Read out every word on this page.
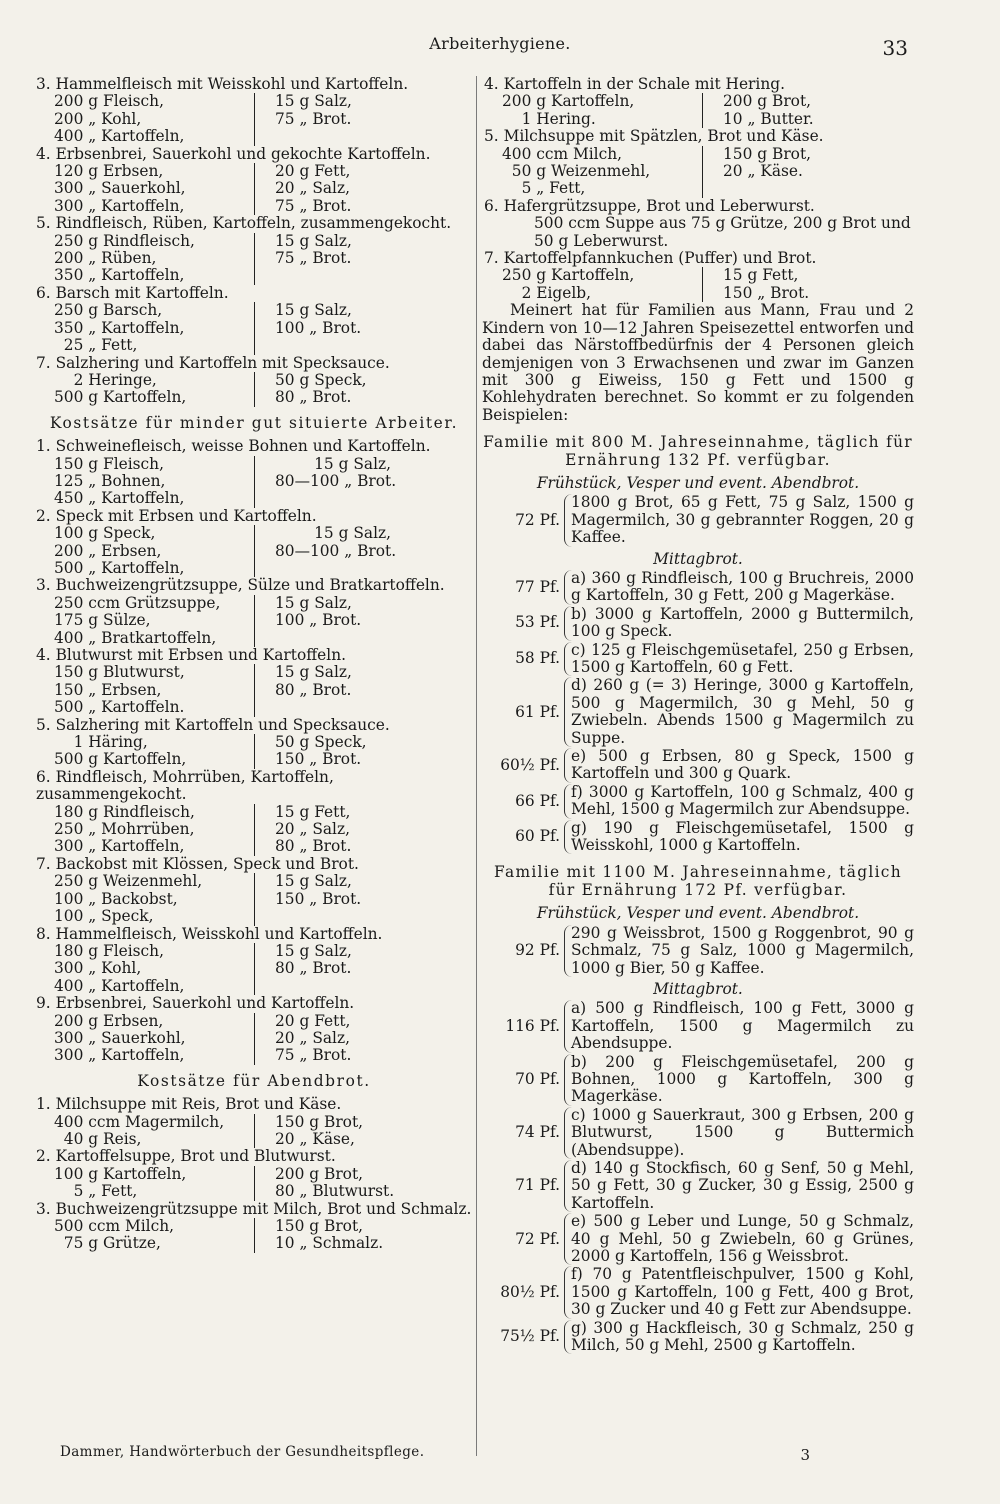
Arbeiterhygiene.	33
3. Hammelfleisch mit Weisskohl und Kartoffeln.
200 g Fleisch,
200 „ Kohl,
400 „ Kartoffeln,
15 g Salz,
75 „ Brot.
4. Erbsenbrei, Sauerkohl und gekochte Kartoffeln.
120 g Erbsen,
300 „ Sauerkohl,
300 „ Kartoffeln,
20 g Fett,
20 „ Salz,
75 „ Brot.
5. Rindfleisch, Rüben, Kartoffeln, zusammengekocht.
250 g Rindfleisch,
200 „ Rüben,
350 „ Kartoffeln,
15 g Salz,
75 „ Brot.
6. Barsch mit Kartoffeln.
250 g Barsch,
350 „ Kartoffeln,
25 „ Fett,
15 g Salz,
100 „ Brot.
7. Salzhering und Kartoffeln mit Specksauce.
2 Heringe,
500 g Kartoffeln,
50 g Speck,
80 „ Brot.
Kostsätze für minder gut situierte Arbeiter.
1. Schweinefleisch, weisse Bohnen und Kartoffeln.
150 g Fleisch,
125 „ Bohnen,
450 „ Kartoffeln,
15 g Salz,
80—100 „ Brot.
2. Speck mit Erbsen und Kartoffeln.
100 g Speck,
200 „ Erbsen,
500 „ Kartoffeln,
15 g Salz,
80—100 „ Brot.
3. Buchweizengrützsuppe, Sülze und Bratkartoffeln.
250 ccm Grützsuppe,
175 g Sülze,
400 „ Bratkartoffeln,
15 g Salz,
100 „ Brot.
4. Blutwurst mit Erbsen und Kartoffeln.
150 g Blutwurst,
150 „ Erbsen,
500 „ Kartoffeln.
15 g Salz,
80 „ Brot.
5. Salzhering mit Kartoffeln und Specksauce.
1 Häring,
500 g Kartoffeln,
50 g Speck,
150 „ Brot.
6. Rindfleisch, Mohrrüben, Kartoffeln, zusammengekocht.
180 g Rindfleisch,
250 „ Mohrrüben,
300 „ Kartoffeln,
15 g Fett,
20 „ Salz,
80 „ Brot.
7. Backobst mit Klössen, Speck und Brot.
250 g Weizenmehl,
100 „ Backobst,
100 „ Speck,
15 g Salz,
150 „ Brot.
8. Hammelfleisch, Weisskohl und Kartoffeln.
180 g Fleisch,
300 „ Kohl,
400 „ Kartoffeln,
15 g Salz,
80 „ Brot.
9. Erbsenbrei, Sauerkohl und Kartoffeln.
200 g Erbsen,
300 „ Sauerkohl,
300 „ Kartoffeln,
20 g Fett,
20 „ Salz,
75 „ Brot.
Kostsätze für Abendbrot.
1. Milchsuppe mit Reis, Brot und Käse.
400 ccm Magermilch,
40 g Reis,
150 g Brot,
20 „ Käse,
2. Kartoffelsuppe, Brot und Blutwurst.
100 g Kartoffeln,
5 „ Fett,
200 g Brot,
80 „ Blutwurst.
3. Buchweizengrützsuppe mit Milch, Brot und Schmalz.
500 ccm Milch,
75 g Grütze,
150 g Brot,
10 „ Schmalz.
4. Kartoffeln in der Schale mit Hering.
200 g Kartoffeln,
1 Hering.
200 g Brot,
10 „ Butter.
5. Milchsuppe mit Spätzlen, Brot und Käse.
400 ccm Milch,
50 g Weizenmehl,
5 „ Fett,
150 g Brot,
20 „ Käse.
6. Hafergrützsuppe, Brot und Leberwurst.
500 ccm Suppe aus 75 g Grütze, 200 g Brot und 50 g Leberwurst.
7. Kartoffelpfannkuchen (Puffer) und Brot.
250 g Kartoffeln,
2 Eigelb,
15 g Fett,
150 „ Brot.

Meinert hat für Familien aus Mann, Frau und 2 Kindern von 10—12 Jahren Speisezettel entworfen und dabei das Närstoffbedürfnis der 4 Personen gleich demjenigen von 3 Erwachsenen und zwar im Ganzen mit 300 g Eiweiss, 150 g Fett und 1500 g Kohlehydraten berechnet. So kommt er zu folgenden Beispielen:

Familie mit 800 M. Jahreseinnahme, täglich für Ernährung 132 Pf. verfügbar.
Frühstück, Vesper und event. Abendbrot.
72 Pf.
1800 g Brot, 65 g Fett, 75 g Salz, 1500 g Magermilch, 30 g gebrannter Roggen, 20 g Kaffee.
Mittagbrot.
77 Pf. a) 360 g Rindfleisch, 100 g Bruchreis, 2000 g Kartoffeln, 30 g Fett, 200 g Magerkäse.
53 Pf. b) 3000 g Kartoffeln, 2000 g Buttermilch, 100 g Speck.
58 Pf. c) 125 g Fleischgemüsetafel, 250 g Erbsen, 1500 g Kartoffeln, 60 g Fett.
61 Pf.
d) 260 g (= 3) Heringe, 3000 g Kartoffeln, 500 g Magermilch, 30 g Mehl, 50 g Zwiebeln. Abends 1500 g Magermilch zu Suppe.
60½ Pf. e) 500 g Erbsen, 80 g Speck, 1500 g Kartoffeln und 300 g Quark.
66 Pf. f) 3000 g Kartoffeln, 100 g Schmalz, 400 g Mehl, 1500 g Magermilch zur Abendsuppe.
60 Pf. g) 190 g Fleischgemüsetafel, 1500 g Weisskohl, 1000 g Kartoffeln.
Familie mit 1100 M. Jahreseinnahme, täglich für Ernährung 172 Pf. verfügbar.
Frühstück, Vesper und event. Abendbrot.
92 Pf.
290 g Weissbrot, 1500 g Roggenbrot, 90 g Schmalz, 75 g Salz, 1000 g Magermilch, 1000 g Bier, 50 g Kaffee.
Mittagbrot.
116 Pf.
a) 500 g Rindfleisch, 100 g Fett, 3000 g Kartoffeln, 1500 g Magermilch zu Abendsuppe.
70 Pf.
b) 200 g Fleischgemüsetafel, 200 g Bohnen, 1000 g Kartoffeln, 300 g Magerkäse.
74 Pf.
c) 1000 g Sauerkraut, 300 g Erbsen, 200 g Blutwurst, 1500 g Buttermich (Abendsuppe).
71 Pf.
d) 140 g Stockfisch, 60 g Senf, 50 g Mehl, 50 g Fett, 30 g Zucker, 30 g Essig, 2500 g Kartoffeln.
72 Pf.
e) 500 g Leber und Lunge, 50 g Schmalz, 40 g Mehl, 50 g Zwiebeln, 60 g Grünes, 2000 g Kartoffeln, 156 g Weissbrot.
80½ Pf.
f) 70 g Patentfleischpulver, 1500 g Kohl, 1500 g Kartoffeln, 100 g Fett, 400 g Brot, 30 g Zucker und 40 g Fett zur Abendsuppe.
75½ Pf. g) 300 g Hackfleisch, 30 g Schmalz, 250 g Milch, 50 g Mehl, 2500 g Kartoffeln.
Dammer, Handwörterbuch der Gesundheitspflege.	3
